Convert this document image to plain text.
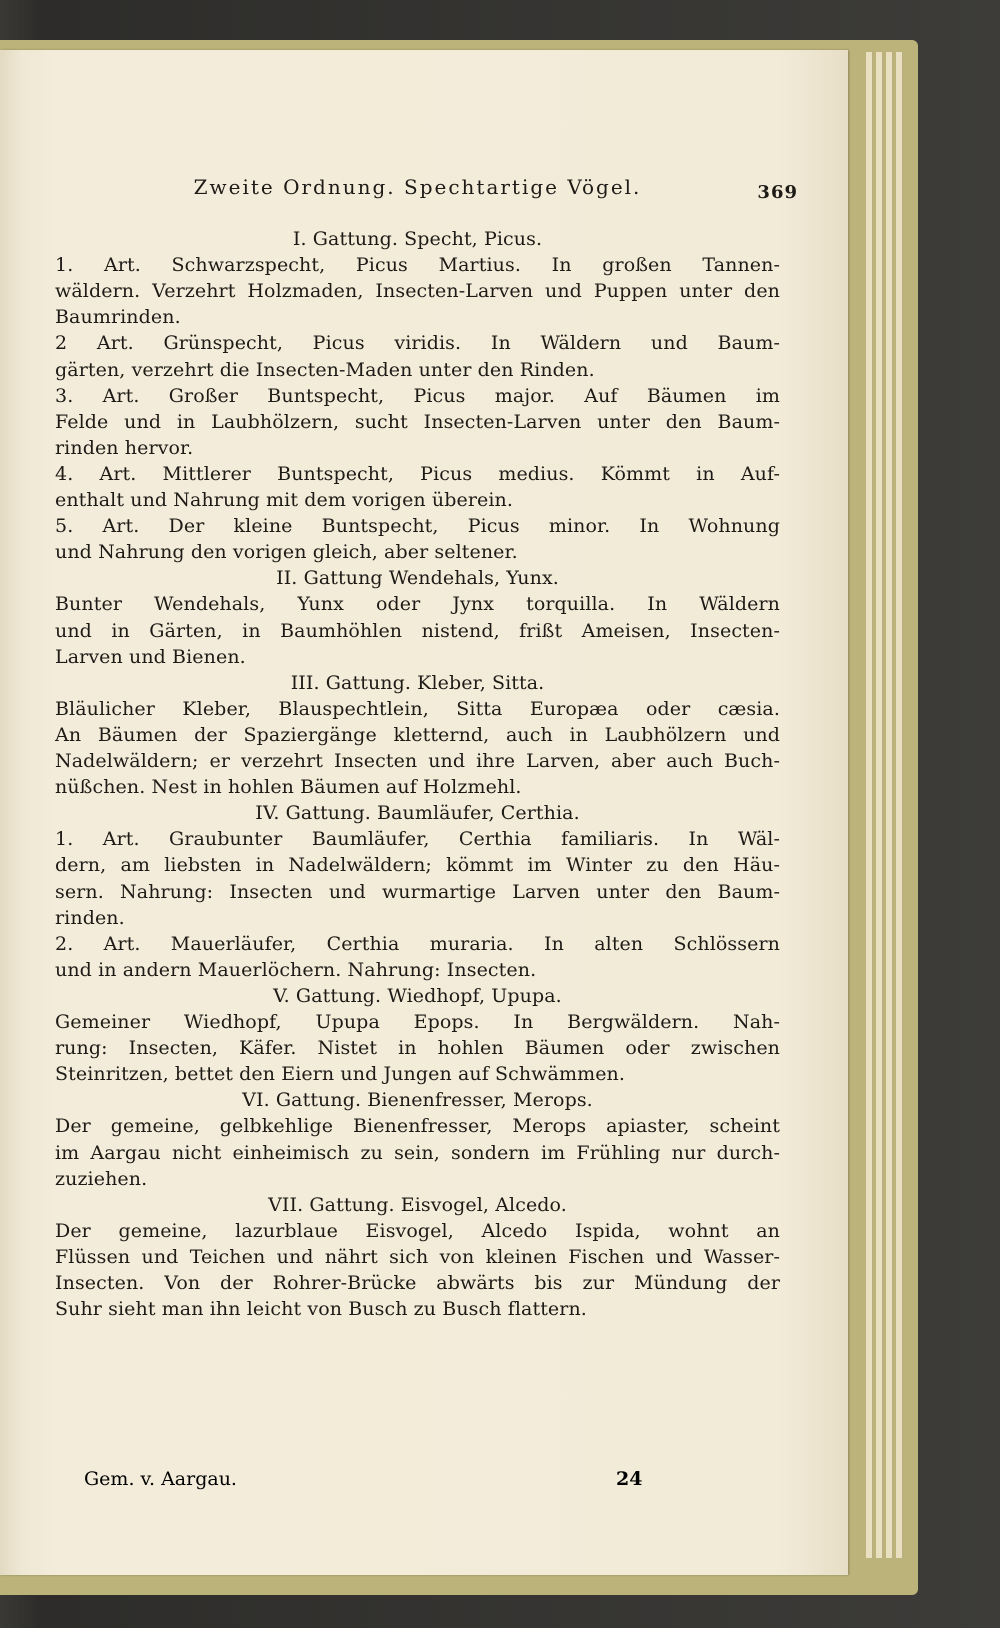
369
Zweite Ordnung. Spechtartige Vögel.
I. Gattung. Specht, Picus.
1. Art. Schwarzspecht, Picus Martius. In großen Tannen-
wäldern. Verzehrt Holzmaden, Insecten-Larven und Puppen unter den
Baumrinden.
2 Art. Grünspecht, Picus viridis. In Wäldern und Baum-
gärten, verzehrt die Insecten-Maden unter den Rinden.
3. Art. Großer Buntspecht, Picus major. Auf Bäumen im
Felde und in Laubhölzern, sucht Insecten-Larven unter den Baum-
rinden hervor.
4. Art. Mittlerer Buntspecht, Picus medius. Kömmt in Auf-
enthalt und Nahrung mit dem vorigen überein.
5. Art. Der kleine Buntspecht, Picus minor. In Wohnung
und Nahrung den vorigen gleich, aber seltener.
II. Gattung Wendehals, Yunx.
Bunter Wendehals, Yunx oder Jynx torquilla. In Wäldern
und in Gärten, in Baumhöhlen nistend, frißt Ameisen, Insecten-
Larven und Bienen.
III. Gattung. Kleber, Sitta.
Bläulicher Kleber, Blauspechtlein, Sitta Europæa oder cæsia.
An Bäumen der Spaziergänge kletternd, auch in Laubhölzern und
Nadelwäldern; er verzehrt Insecten und ihre Larven, aber auch Buch-
nüßchen. Nest in hohlen Bäumen auf Holzmehl.
IV. Gattung. Baumläufer, Certhia.
1. Art. Graubunter Baumläufer, Certhia familiaris. In Wäl-
dern, am liebsten in Nadelwäldern; kömmt im Winter zu den Häu-
sern. Nahrung: Insecten und wurmartige Larven unter den Baum-
rinden.
2. Art. Mauerläufer, Certhia muraria. In alten Schlössern
und in andern Mauerlöchern. Nahrung: Insecten.
V. Gattung. Wiedhopf, Upupa.
Gemeiner Wiedhopf, Upupa Epops. In Bergwäldern. Nah-
rung: Insecten, Käfer. Nistet in hohlen Bäumen oder zwischen
Steinritzen, bettet den Eiern und Jungen auf Schwämmen.
VI. Gattung. Bienenfresser, Merops.
Der gemeine, gelbkehlige Bienenfresser, Merops apiaster, scheint
im Aargau nicht einheimisch zu sein, sondern im Frühling nur durch-
zuziehen.
VII. Gattung. Eisvogel, Alcedo.
Der gemeine, lazurblaue Eisvogel, Alcedo Ispida, wohnt an
Flüssen und Teichen und nährt sich von kleinen Fischen und Wasser-
Insecten. Von der Rohrer-Brücke abwärts bis zur Mündung der
Suhr sieht man ihn leicht von Busch zu Busch flattern.
Gem. v. Aargau.	24
